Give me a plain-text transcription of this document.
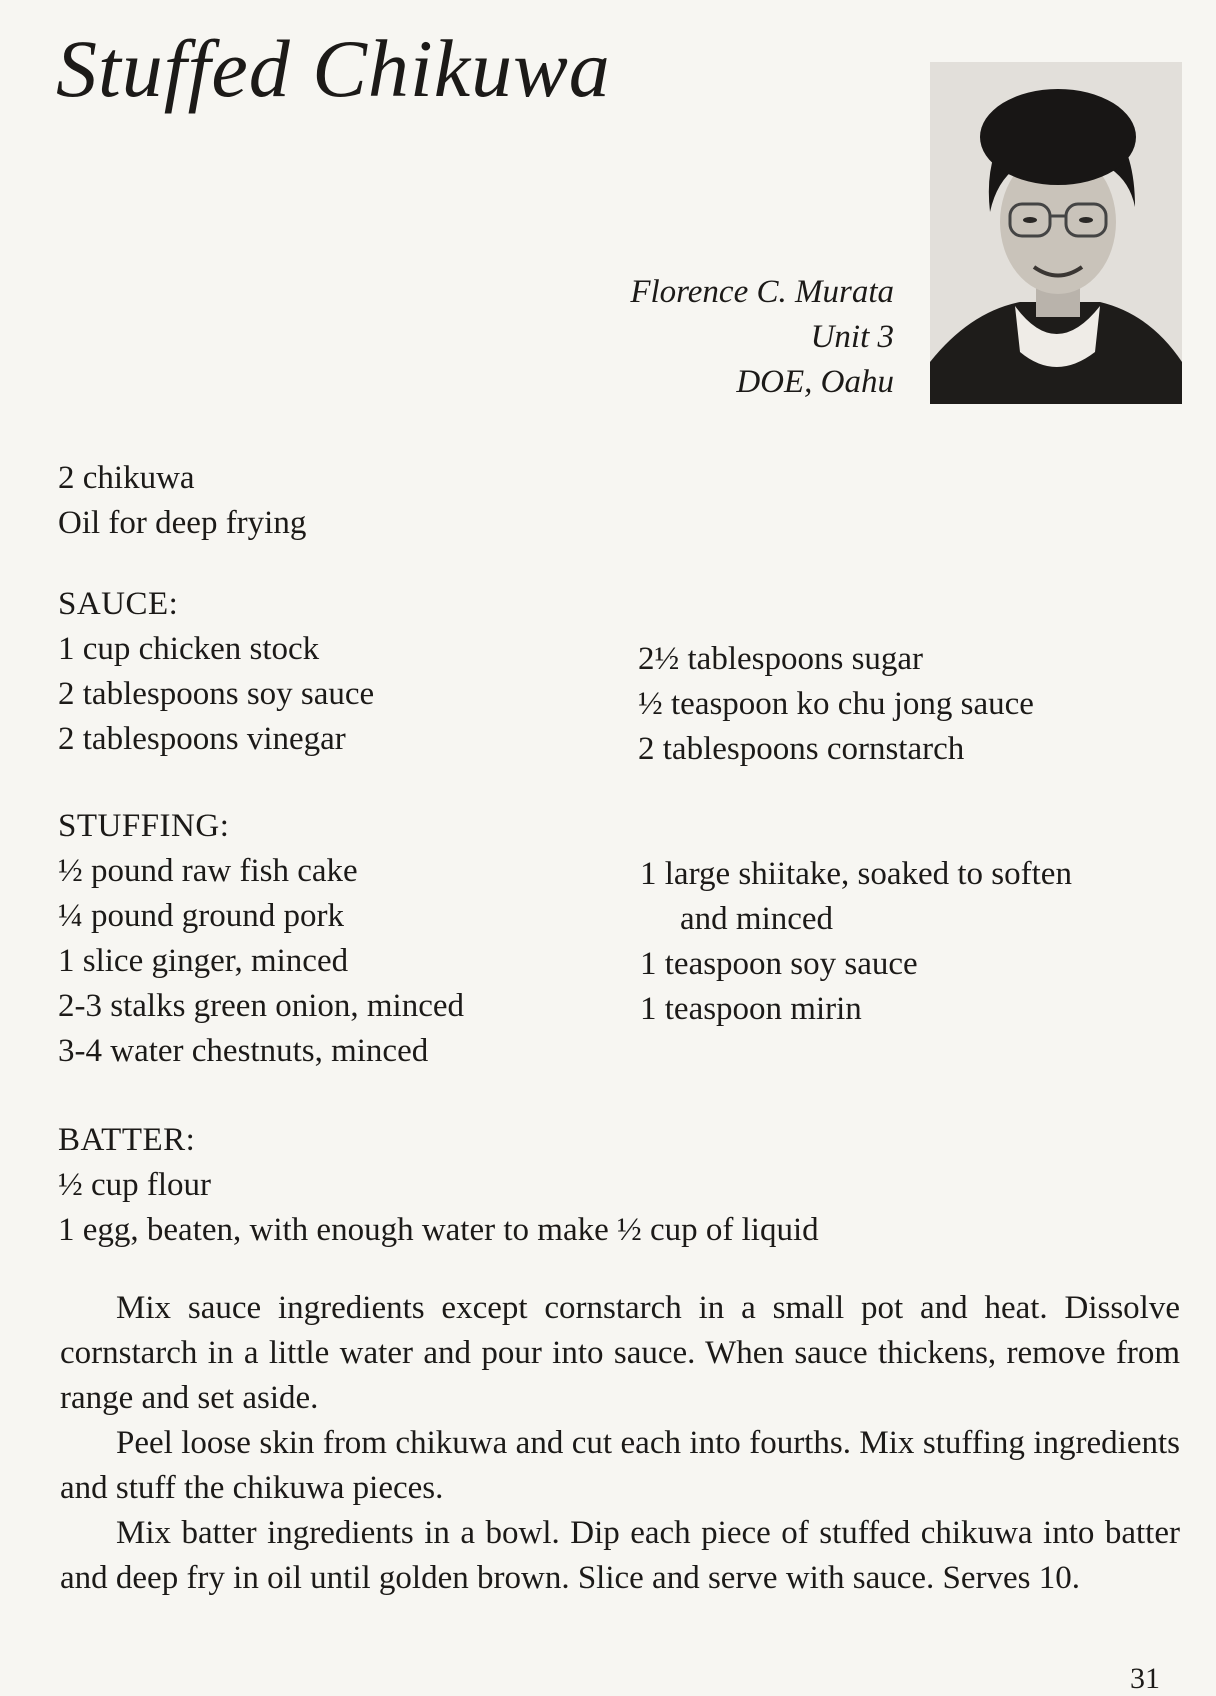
Stuffed Chikuwa
Florence C. Murata
Unit 3
DOE, Oahu
2 chikuwa
Oil for deep frying
SAUCE:
1 cup chicken stock
2 tablespoons soy sauce
2 tablespoons vinegar
2½ tablespoons sugar
½ teaspoon ko chu jong sauce
2 tablespoons cornstarch
STUFFING:
½ pound raw fish cake
¼ pound ground pork
1 slice ginger, minced
2-3 stalks green onion, minced
3-4 water chestnuts, minced
1 large shiitake, soaked to soften
and minced
1 teaspoon soy sauce
1 teaspoon mirin
BATTER:
½ cup flour
1 egg, beaten, with enough water to make ½ cup of liquid

Mix sauce ingredients except cornstarch in a small pot and heat. Dissolve cornstarch in a little water and pour into sauce. When sauce thickens, remove from range and set aside.

Peel loose skin from chikuwa and cut each into fourths. Mix stuffing ingredients and stuff the chikuwa pieces.

Mix batter ingredients in a bowl. Dip each piece of stuffed chikuwa into batter and deep fry in oil until golden brown. Slice and serve with sauce. Serves 10.

31
